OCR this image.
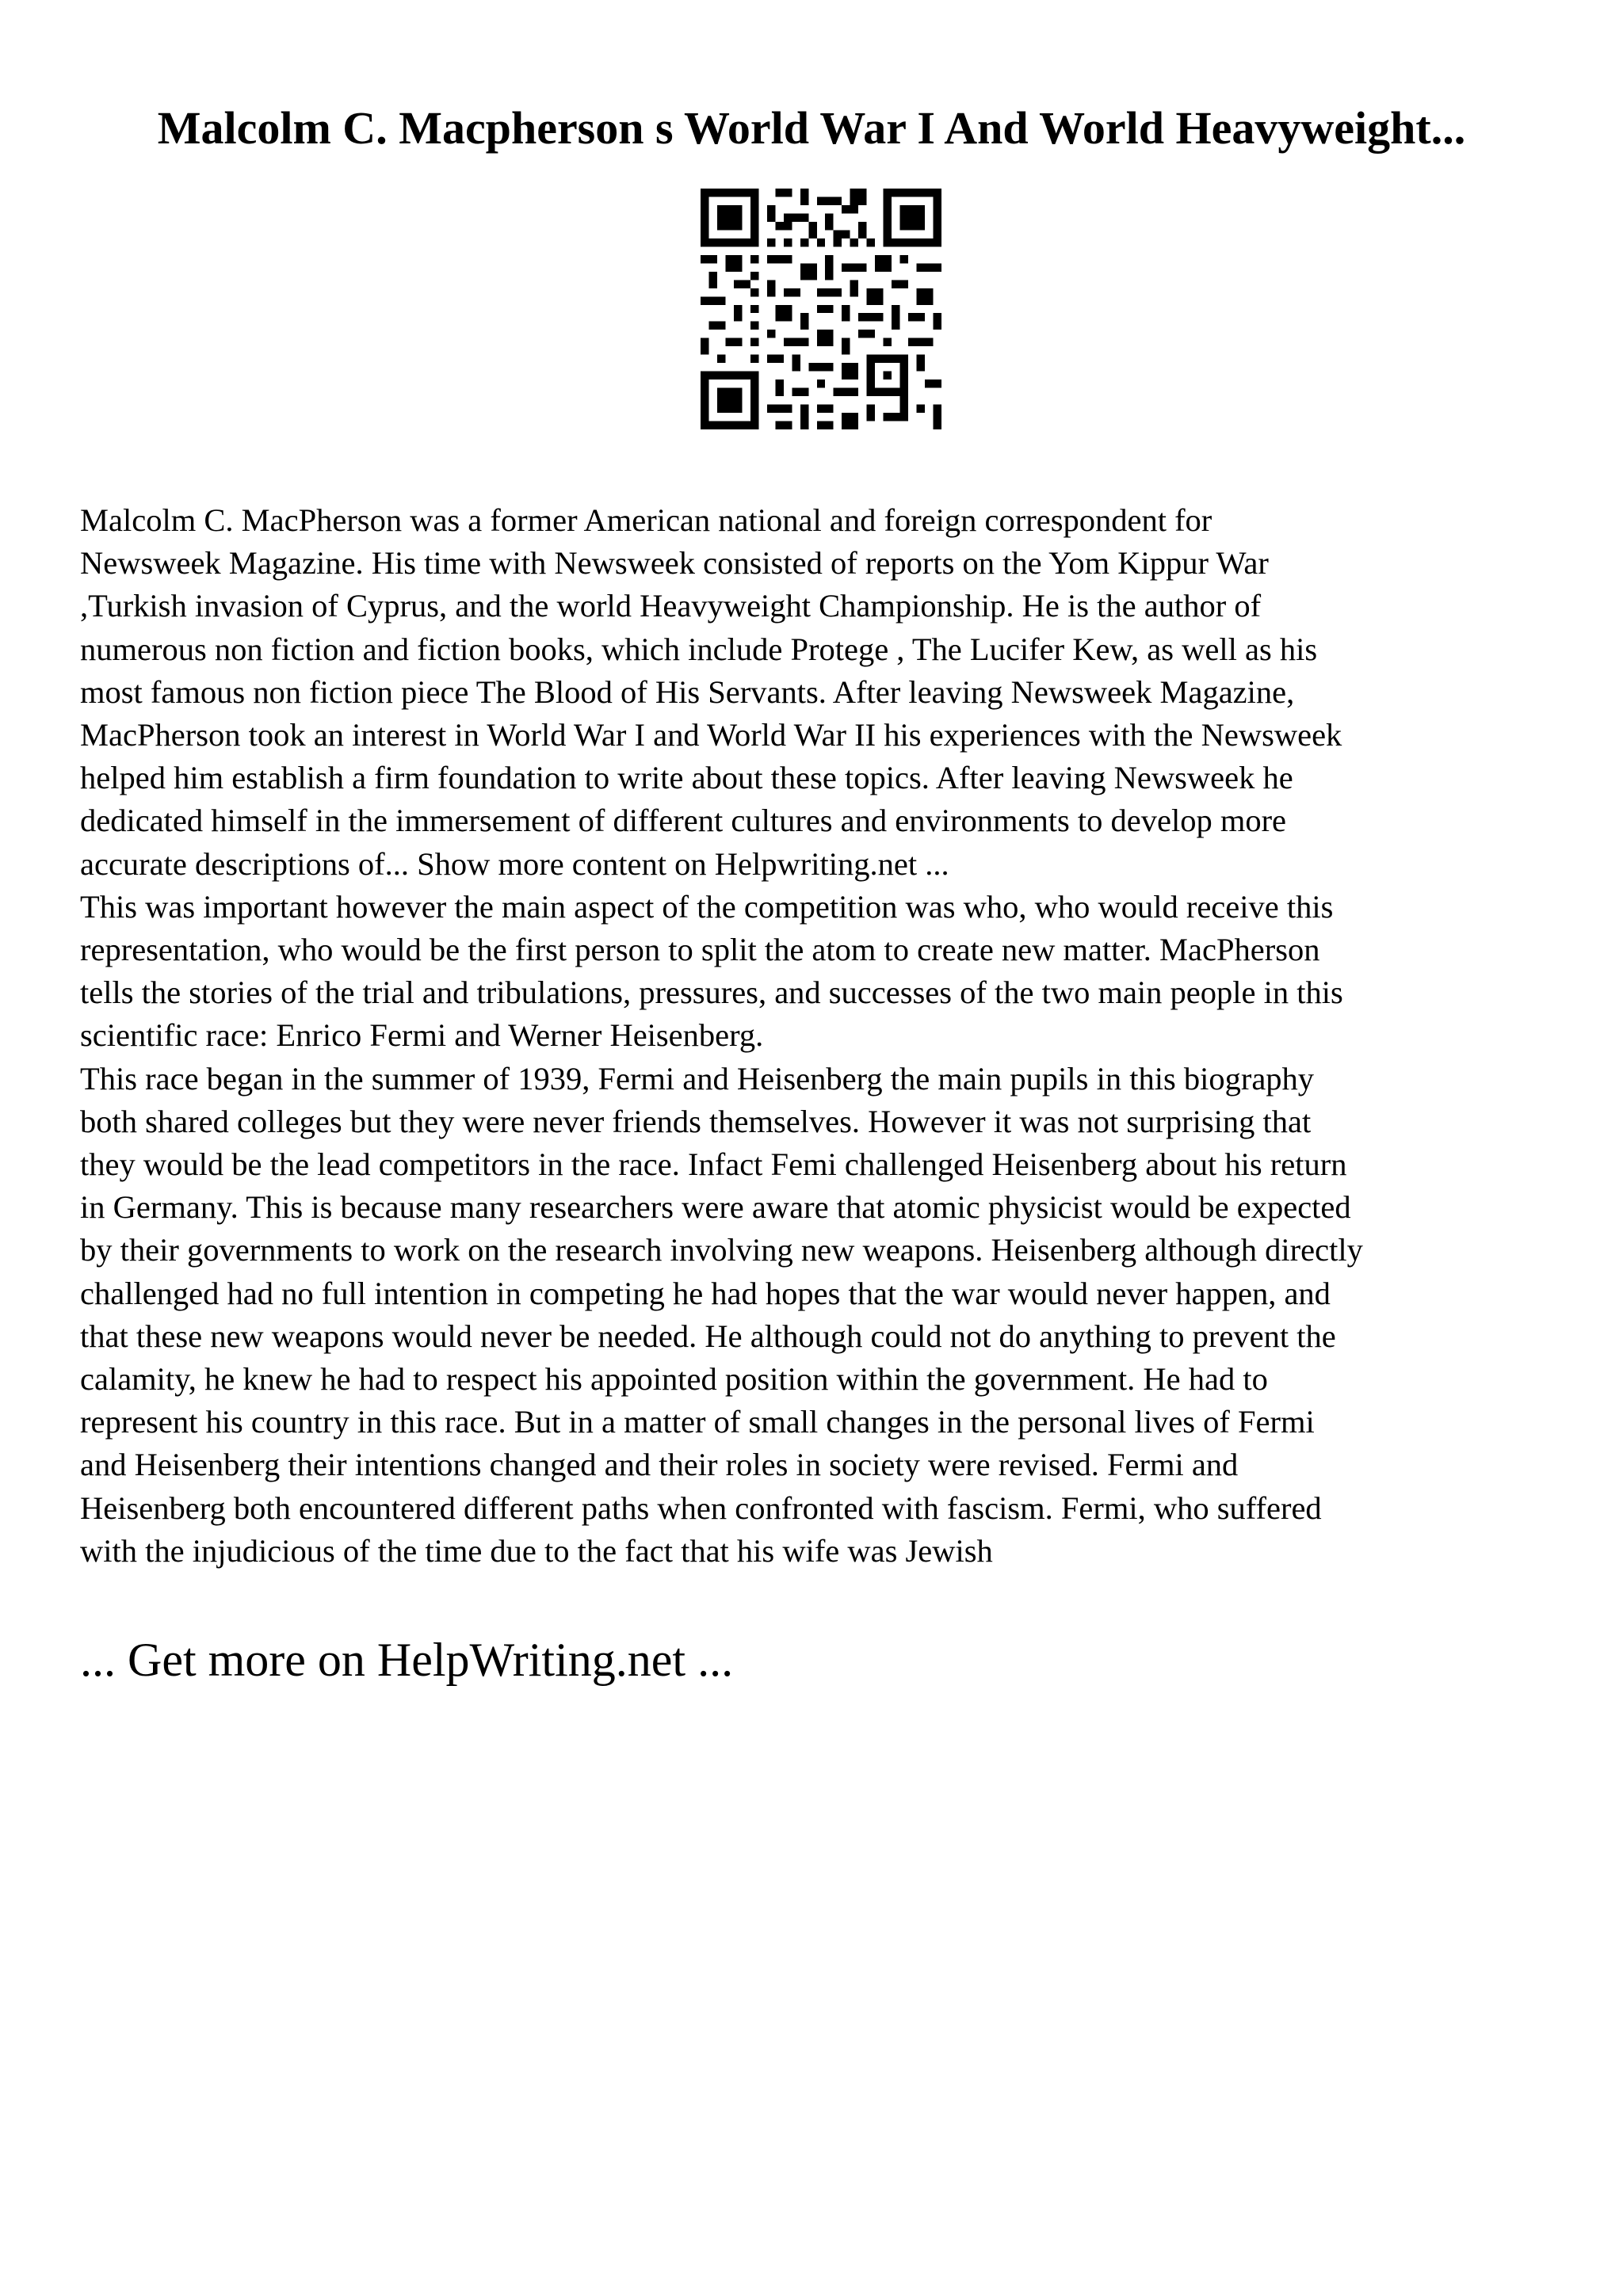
Malcolm C. Macpherson s World War I And World Heavyweight...

Malcolm C. MacPherson was a former American national and foreign correspondent for
Newsweek Magazine. His time with Newsweek consisted of reports on the Yom Kippur War
,Turkish invasion of Cyprus, and the world Heavyweight Championship. He is the author of
numerous non fiction and fiction books, which include Protege , The Lucifer Kew, as well as his
most famous non fiction piece The Blood of His Servants. After leaving Newsweek Magazine,
MacPherson took an interest in World War I and World War II his experiences with the Newsweek
helped him establish a firm foundation to write about these topics. After leaving Newsweek he
dedicated himself in the immersement of different cultures and environments to develop more
accurate descriptions of... Show more content on Helpwriting.net ...

This was important however the main aspect of the competition was who, who would receive this
representation, who would be the first person to split the atom to create new matter. MacPherson
tells the stories of the trial and tribulations, pressures, and successes of the two main people in this
scientific race: Enrico Fermi and Werner Heisenberg.

This race began in the summer of 1939, Fermi and Heisenberg the main pupils in this biography
both shared colleges but they were never friends themselves. However it was not surprising that
they would be the lead competitors in the race. Infact Femi challenged Heisenberg about his return
in Germany. This is because many researchers were aware that atomic physicist would be expected
by their governments to work on the research involving new weapons. Heisenberg although directly
challenged had no full intention in competing he had hopes that the war would never happen, and
that these new weapons would never be needed. He although could not do anything to prevent the
calamity, he knew he had to respect his appointed position within the government. He had to
represent his country in this race. But in a matter of small changes in the personal lives of Fermi
and Heisenberg their intentions changed and their roles in society were revised. Fermi and
Heisenberg both encountered different paths when confronted with fascism. Fermi, who suffered
with the injudicious of the time due to the fact that his wife was Jewish

... Get more on HelpWriting.net ...
